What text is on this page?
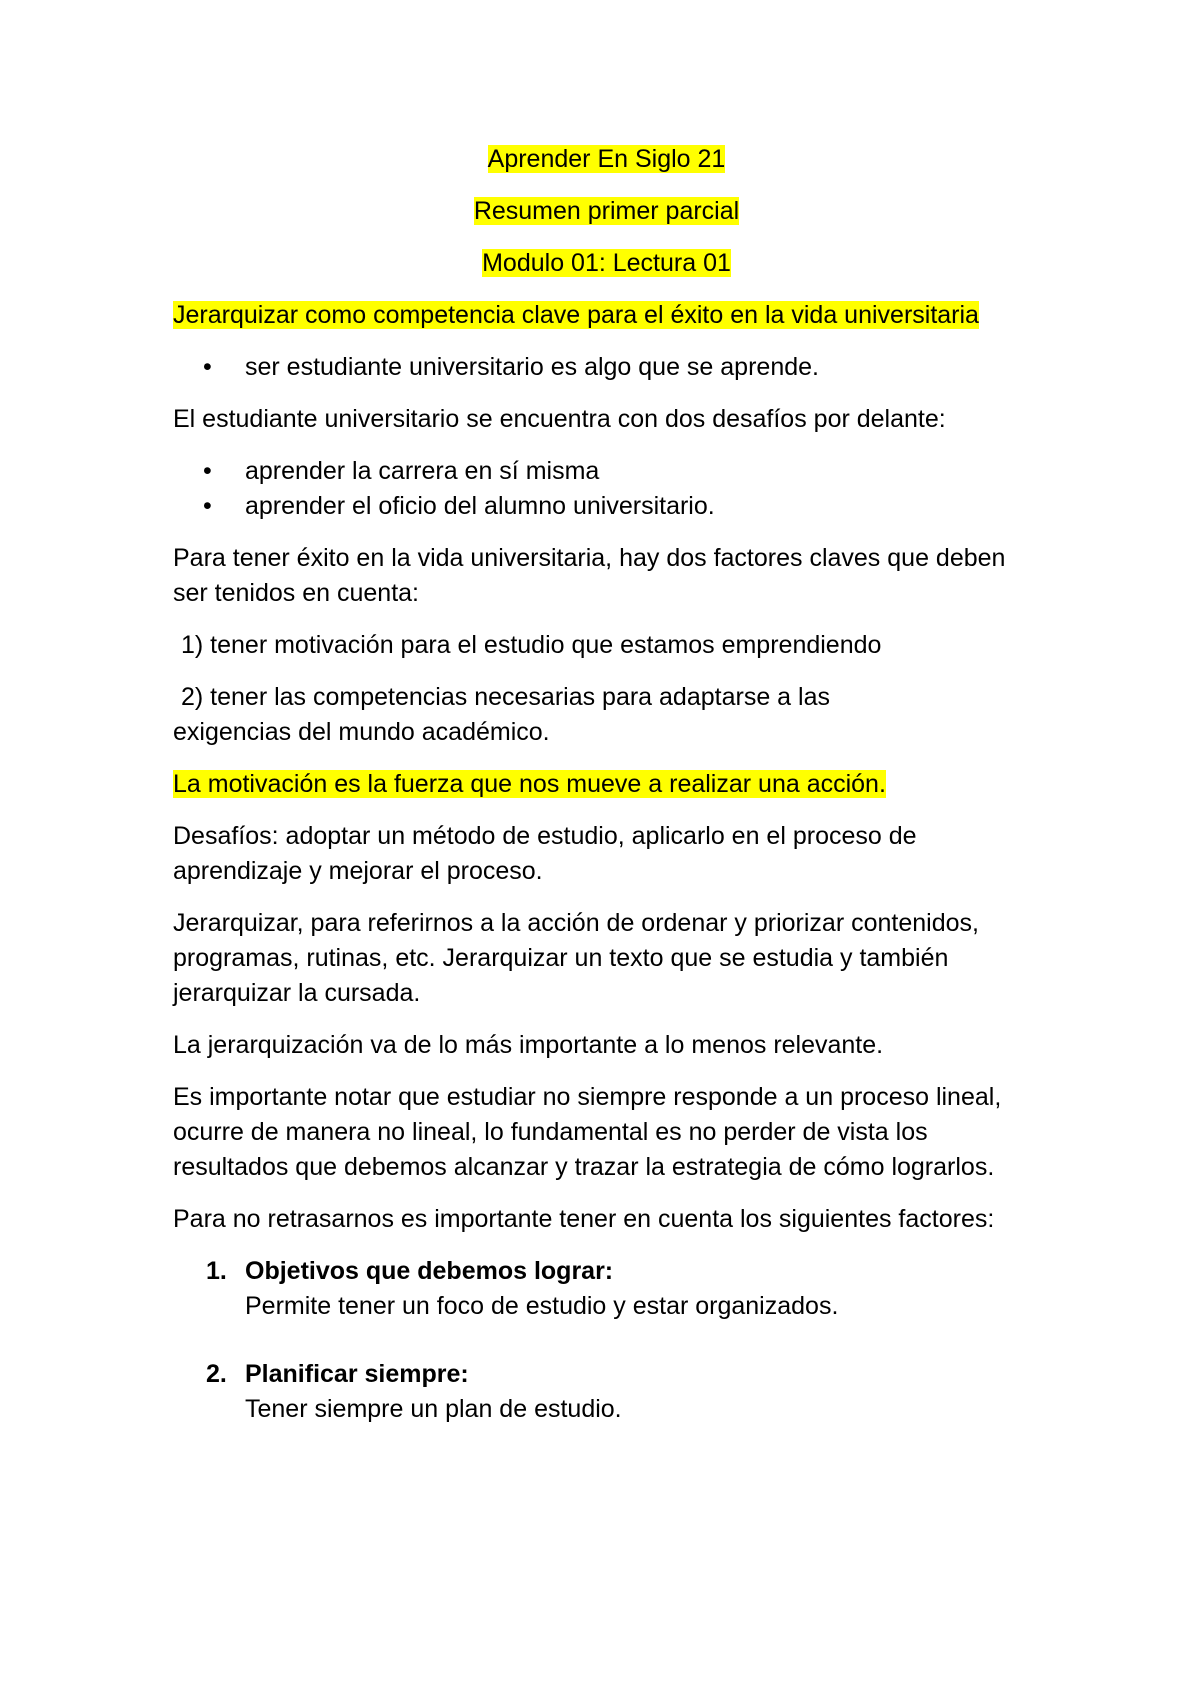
Aprender En Siglo 21
Resumen primer parcial
Modulo 01: Lectura 01

Jerarquizar como competencia clave para el éxito en la vida universitaria

• ser estudiante universitario es algo que se aprende.

El estudiante universitario se encuentra con dos desafíos por delante:

• aprender la carrera en sí misma
• aprender el oficio del alumno universitario.

Para tener éxito en la vida universitaria, hay dos factores claves que deben ser tenidos en cuenta:

1) tener motivación para el estudio que estamos emprendiendo
2) tener las competencias necesarias para adaptarse a las
exigencias del mundo académico.

La motivación es la fuerza que nos mueve a realizar una acción.

Desafíos: adoptar un método de estudio, aplicarlo en el proceso de aprendizaje y mejorar el proceso.

Jerarquizar, para referirnos a la acción de ordenar y priorizar contenidos, programas, rutinas, etc. Jerarquizar un texto que se estudia y también jerarquizar la cursada.

La jerarquización va de lo más importante a lo menos relevante.

Es importante notar que estudiar no siempre responde a un proceso lineal, ocurre de manera no lineal, lo fundamental es no perder de vista los resultados que debemos alcanzar y trazar la estrategia de cómo lograrlos.

Para no retrasarnos es importante tener en cuenta los siguientes factores:

1. Objetivos que debemos lograr:
Permite tener un foco de estudio y estar organizados.
2. Planificar siempre:
Tener siempre un plan de estudio.
